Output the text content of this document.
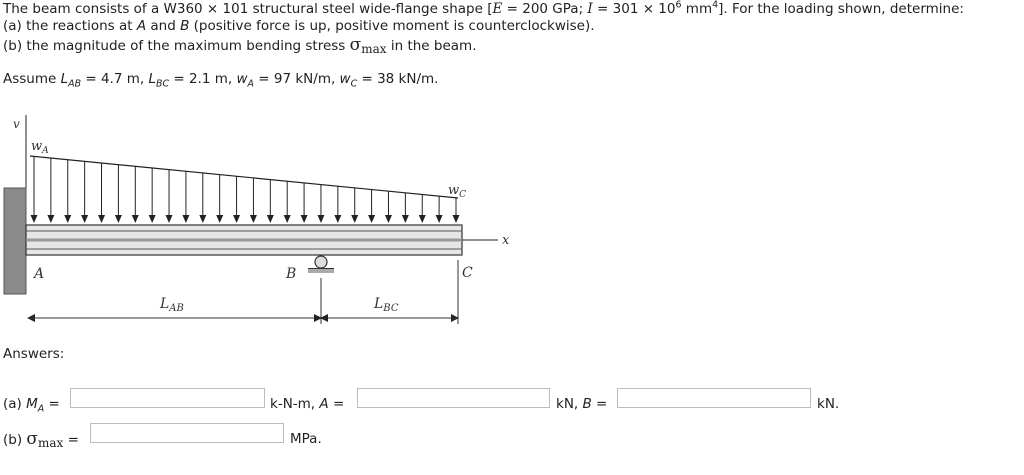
The beam consists of a W360 × 101 structural steel wide-flange shape [E = 200 GPa; $I = 301 \times 10^6$ $mm^4$]. For the loading shown, determine:
(a) the reactions at A and B (positive force is up, positive moment is counterclockwise).
(b) the magnitude of the maximum bending stress σmax in the beam.
Assume $L_{AB} = 4.7$ m, $L_{BC} = 2.1$ m, $w_A = 97$ kN/m, $w_C = 38$ kN/m.
v
$w_A$
$w_C$
x
A	B	C
$L_{AB}$	$L_{BC}$
Answers:
(a) $M_A$ =	k-N-m, A =	kN, B =	kN.
(b) σmax =	MPa.
